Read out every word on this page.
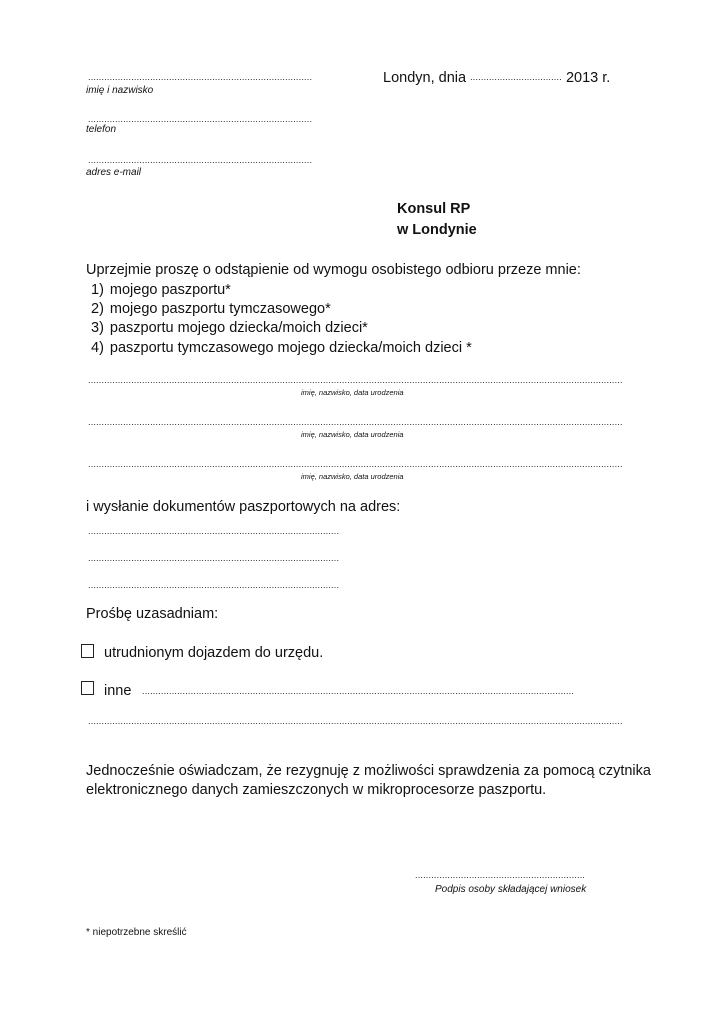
...................................................................................
imię i nazwisko
...................................................................................
telefon
...................................................................................
adres e-mail
Londyn, dnia .................................. 2013 r.
Konsul RP
w Londynie
Uprzejmie proszę o odstąpienie od wymogu osobistego odbioru przeze mnie:
1) mojego paszportu*
2) mojego paszportu tymczasowego*
3) paszportu mojego dziecka/moich dzieci*
4) paszportu tymczasowego mojego dziecka/moich dzieci *
......................................................................................................................................................................................................
imię, nazwisko, data urodzenia
......................................................................................................................................................................................................
imię, nazwisko, data urodzenia
......................................................................................................................................................................................................
imię, nazwisko, data urodzenia
i wysłanie dokumentów paszportowych na adres:
.............................................................................................
.............................................................................................
.............................................................................................
Prośbę uzasadniam:
utrudnionym dojazdem do urzędu.
inne ................................................................................................................................................................
......................................................................................................................................................................................................
Jednocześnie oświadczam, że rezygnuję z możliwości sprawdzenia za pomocą czytnika
elektronicznego danych zamieszczonych w mikroprocesorze paszportu.
...............................................................
Podpis osoby składającej wniosek
* niepotrzebne skreślić
